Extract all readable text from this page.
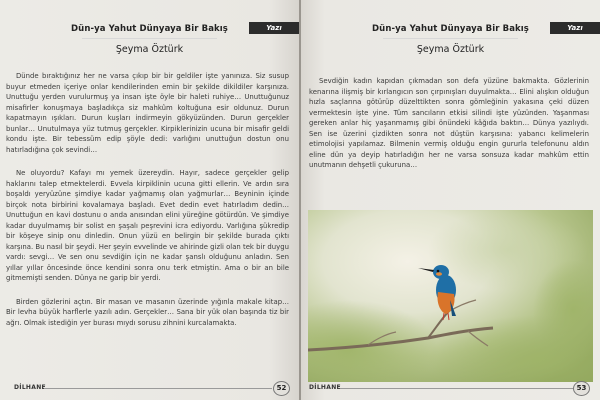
Dün-ya Yahut Dünyaya Bir Bakış	Yazı
Şeyma Öztürk

Dünde bıraktığınız her ne varsa çıkıp bir bir geldiler işte yanınıza. Siz susup buyur etmeden içeriye onlar kendilerinden emin bir şekilde dikildiler karşınıza. Unuttuğu yerden vurulurmuş ya insan işte öyle bir haleti ruhiye… Unuttuğunuz misafirler konuşmaya başladıkça siz mahkûm koltuğuna esir oldunuz. Durun kapatmayın ışıkları. Durun kuşları indirmeyin gökyüzünden. Durun gerçekler bunlar… Unutulmaya yüz tutmuş gerçekler. Kirpiklerinizin ucuna bir misafir geldi kondu işte. Bir tebessüm edip şöyle dedi: varlığını unuttuğun dostun onu hatırladığına çok sevindi…

Ne oluyordu? Kafayı mı yemek üzereydin. Hayır, sadece gerçekler gelip haklarını talep etmektelerdi. Evvela kirpiklinin ucuna gitti ellerin. Ve ardın sıra boşaldı yeryüzüne şimdiye kadar yağmamış olan yağmurlar… Beyninin içinde birçok nota birbirini kovalamaya başladı. Evet dedin evet hatırladım dedin… Unuttuğun en kavi dostunu o anda anısından elini yüreğine götürdün. Ve şimdiye kadar duyulmamış bir solist en şaşalı peşrevini icra ediyordu. Varlığına şükredip bir köşeye sinip onu dinledin. Onun yüzü en belirgin bir şekilde burada çıktı karşına. Bu nasıl bir şeydi. Her şeyin evvelinde ve ahirinde gizli olan tek bir duygu vardı: sevgi… Ve sen onu sevdiğin için ne kadar şanslı olduğunu anladın. Sen yıllar yıllar öncesinde önce kendini sonra onu terk etmiştin. Ama o bir an bile gitmemişti senden. Dünya ne garip bir yerdi.

Birden gözlerini açtın. Bir masan ve masanın üzerinde yığınla makale kitap… Bir levha büyük harflerle yazılı adın. Gerçekler… Sana bir yük olan başında tiz bir ağrı. Olmak istediğin yer burası mıydı sorusu zihnini kurcalamakta.

DİLHANE	52
Dün-ya Yahut Dünyaya Bir Bakış	Yazı
Şeyma Öztürk

Sevdiğin kadın kapıdan çıkmadan son defa yüzüne bakmakta. Gözlerinin kenarına ilişmiş bir kırlangıcın son çırpınışları duyulmakta… Elini alışkın olduğun hızla saçlarına götürüp düzelttikten sonra gömleğinin yakasına çeki düzen vermektesin işte yine. Tüm sancıların etkisi silindi işte yüzünden. Yaşanması gereken anlar hiç yaşanmamış gibi önündeki kâğıda baktın… Dünya yazılıydı. Sen ise üzerini çizdikten sonra not düştün karşısına: yabancı kelimelerin etimolojisi yapılamaz. Bilmenin vermiş olduğu engin gururla telefonunu aldın eline dün ya deyip hatırladığın her ne varsa sonsuza kadar mahkûm ettin unutmanın dehşetli çukuruna…

DİLHANE	53
